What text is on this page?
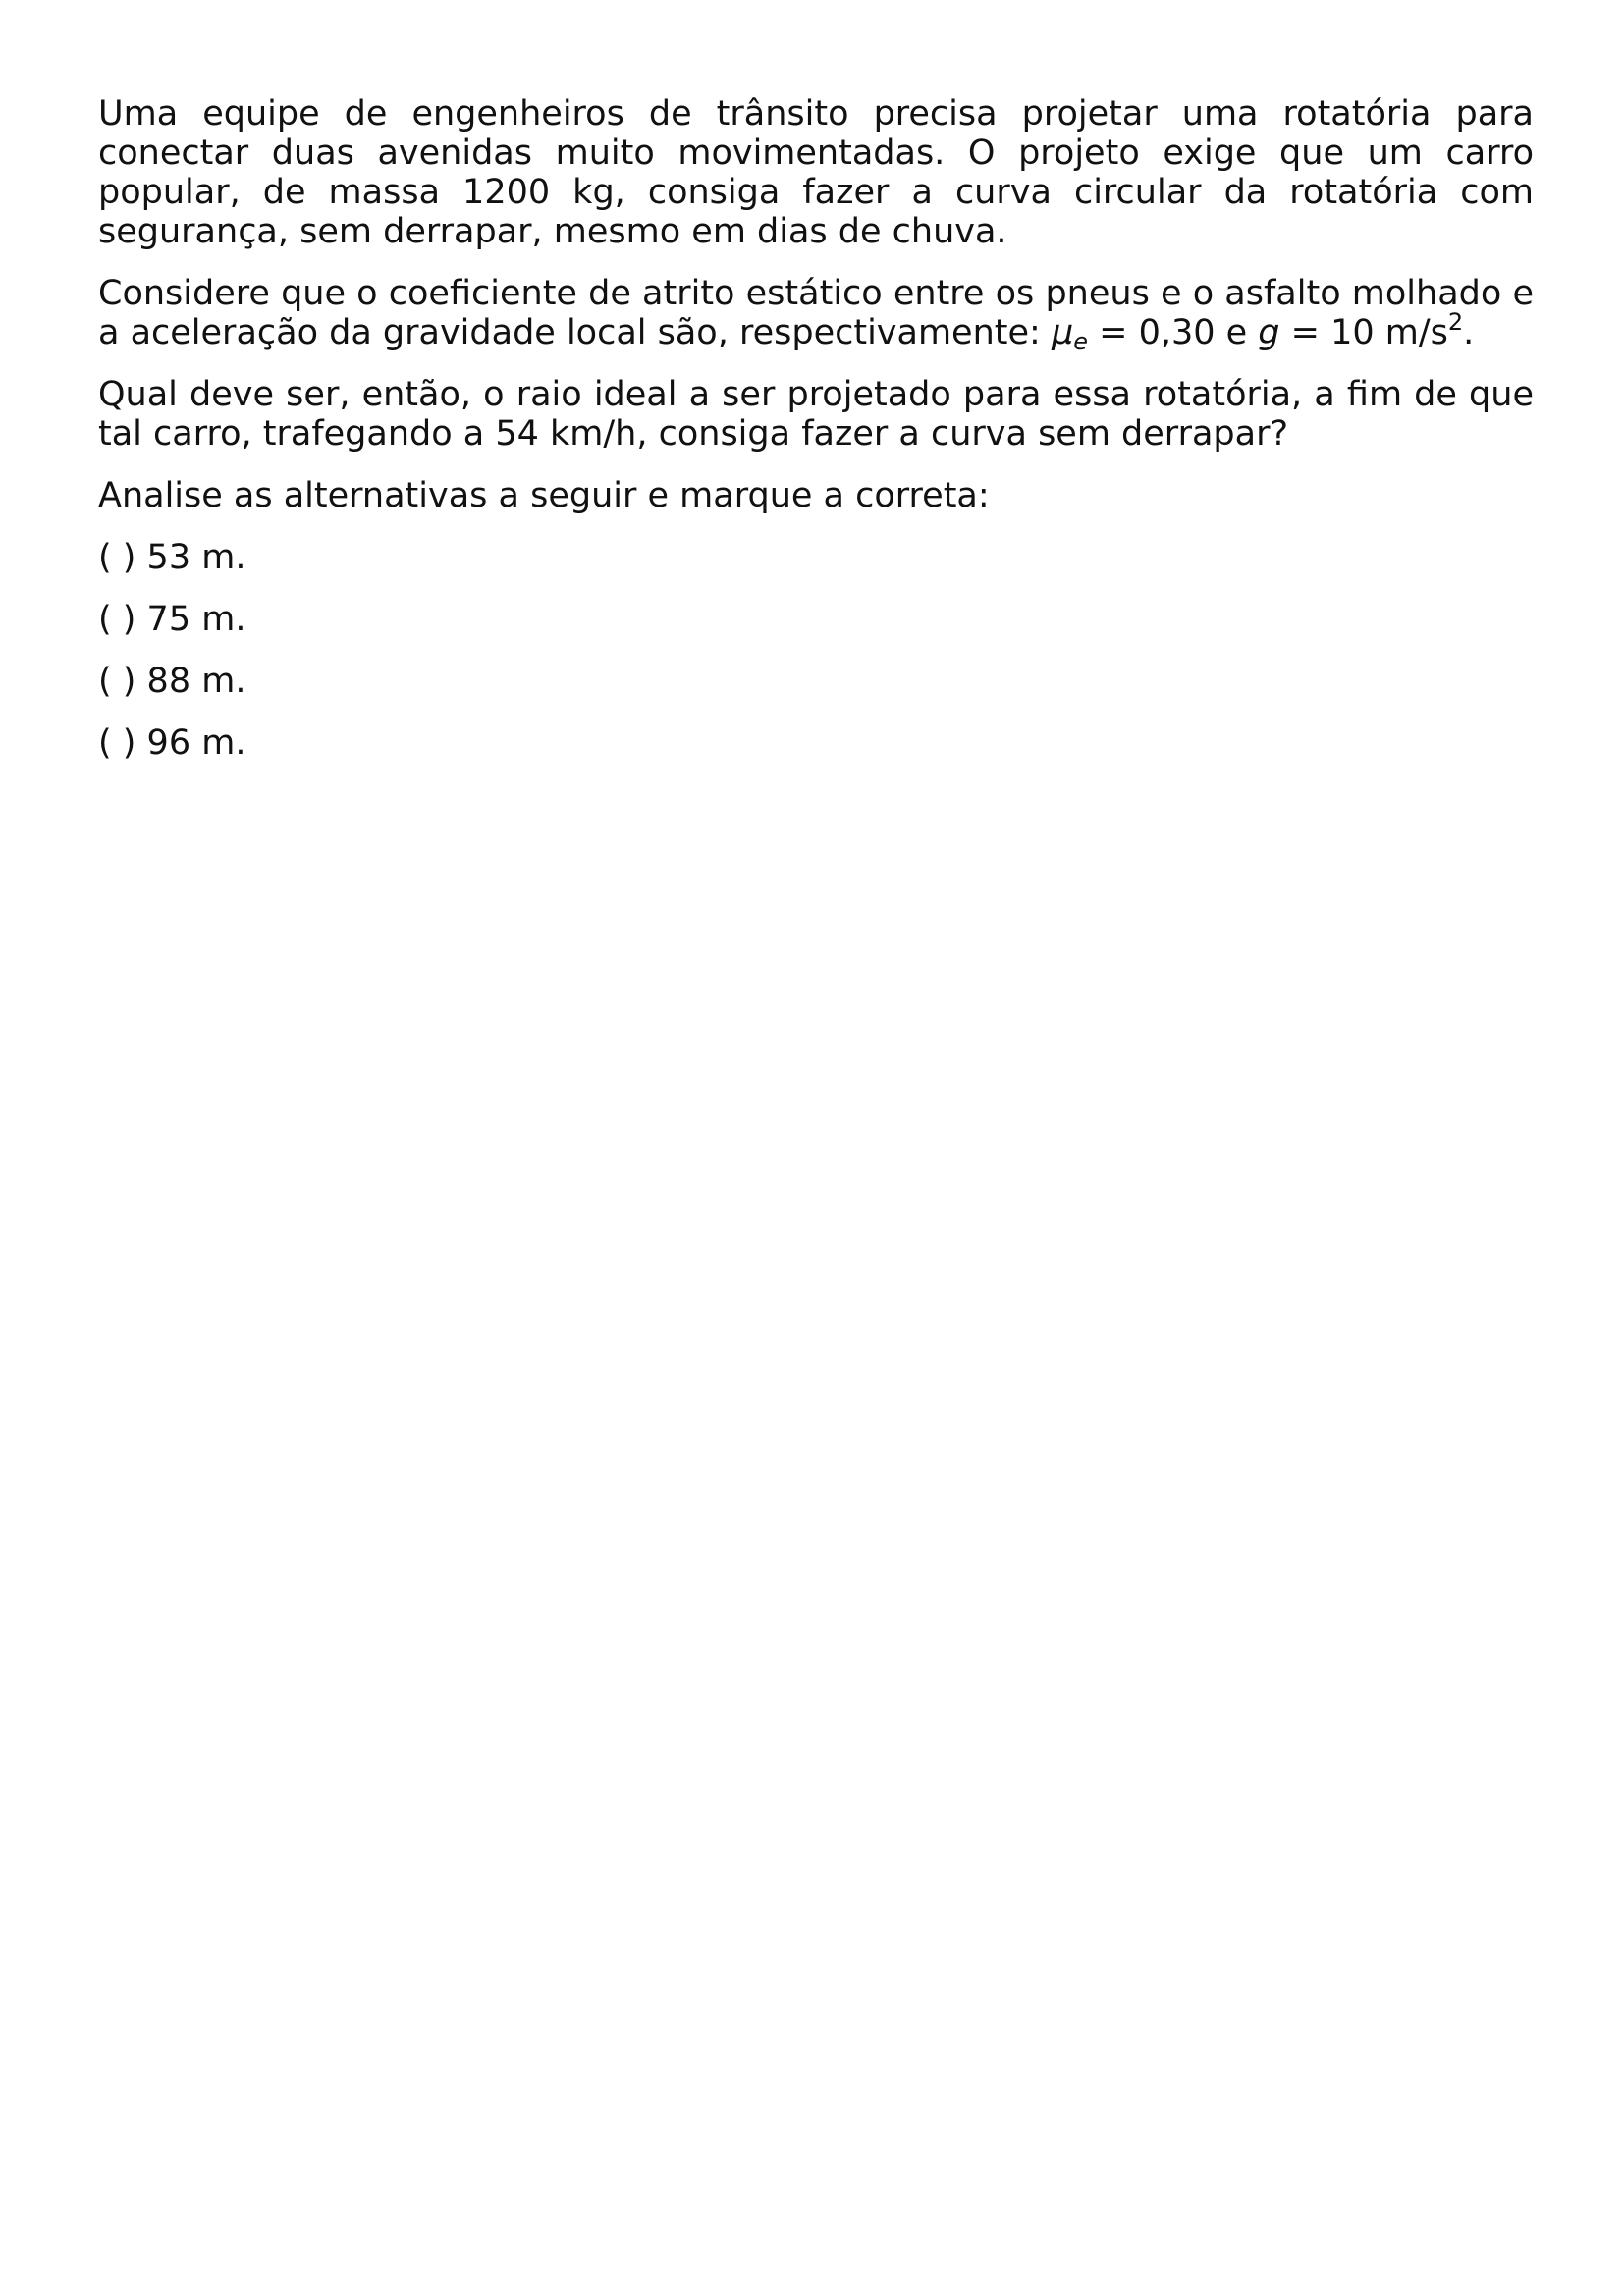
Uma equipe de engenheiros de trânsito precisa projetar uma rotatória para conectar duas avenidas muito movimentadas. O projeto exige que um carro popular, de massa 1200 kg, consiga fazer a curva circular da rotatória com segurança, sem derrapar, mesmo em dias de chuva.

Considere que o coeficiente de atrito estático entre os pneus e o asfalto molhado e a aceleração da gravidade local são, respectivamente: $\mu_e = 0,30$ e g = 10 $m/s^2$.

Qual deve ser, então, o raio ideal a ser projetado para essa rotatória, a fim de que tal carro, trafegando a 54 km/h, consiga fazer a curva sem derrapar?

Analise as alternativas a seguir e marque a correta:

( ) 53 m.

( ) 75 m.

( ) 88 m.

( ) 96 m.
